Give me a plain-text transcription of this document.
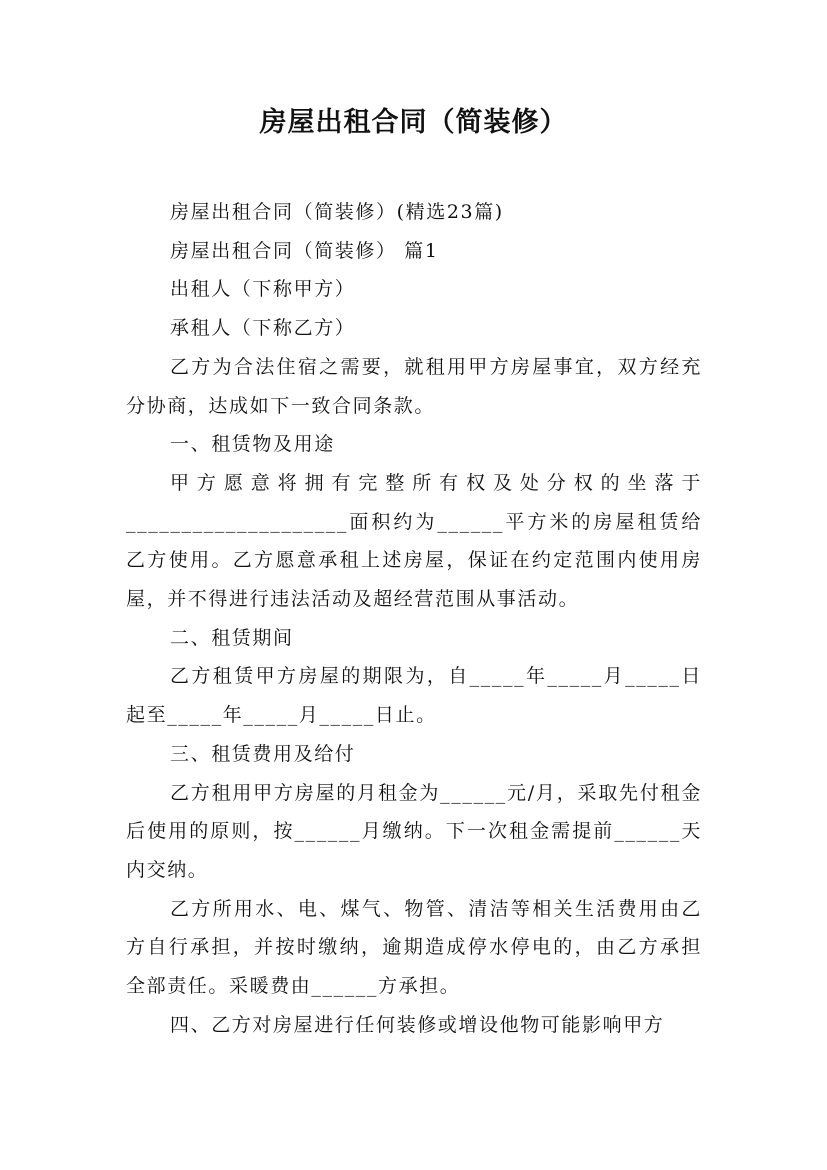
房屋出租合同（简装修）

房屋出租合同（简装修）(精选23篇)

房屋出租合同（简装修） 篇1

出租人（下称甲方）

承租人（下称乙方）

乙方为合法住宿之需要，就租用甲方房屋事宜，双方经充分协商，达成如下一致合同条款。

一、租赁物及用途

甲方愿意将拥有完整所有权及处分权的坐落于____________________面积约为______平方米的房屋租赁给乙方使用。乙方愿意承租上述房屋，保证在约定范围内使用房屋，并不得进行违法活动及超经营范围从事活动。

二、租赁期间

乙方租赁甲方房屋的期限为，自_____年_____月_____日起至_____年_____月_____日止。

三、租赁费用及给付

乙方租用甲方房屋的月租金为______元/月，采取先付租金后使用的原则，按______月缴纳。下一次租金需提前______天内交纳。

乙方所用水、电、煤气、物管、清洁等相关生活费用由乙方自行承担，并按时缴纳，逾期造成停水停电的，由乙方承担全部责任。采暖费由______方承担。

四、乙方对房屋进行任何装修或增设他物可能影响甲方
